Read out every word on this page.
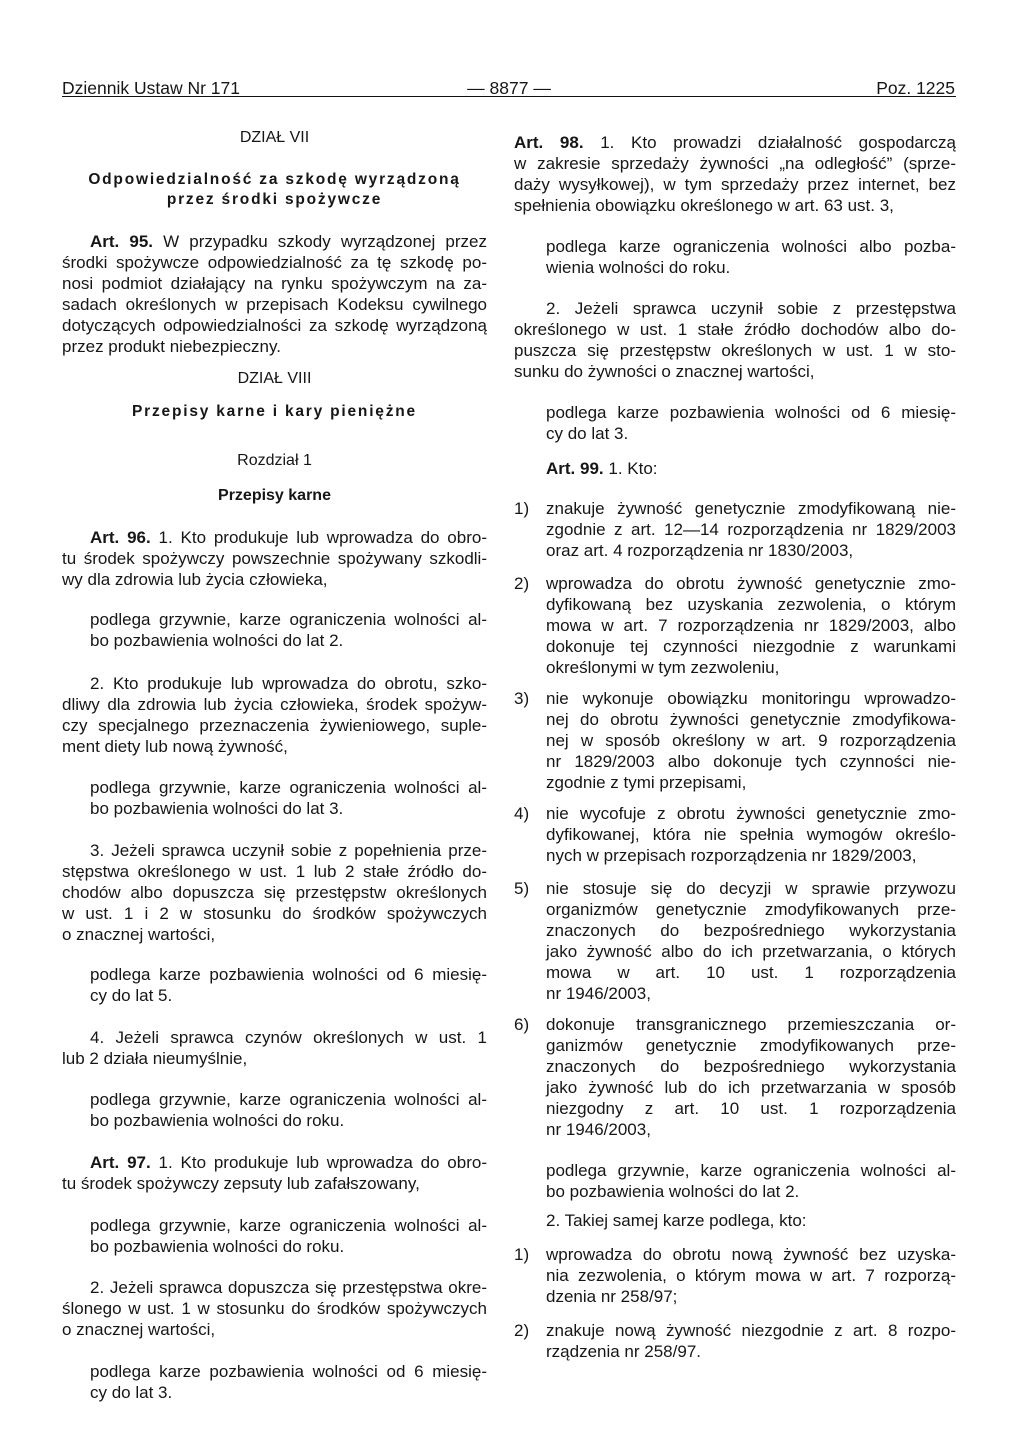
Dziennik Ustaw Nr 171	— 8877 —	Poz. 1225
DZIAŁ VII
Odpowiedzialność za szkodę wyrządzoną
przez środki spożywcze
Art. 95. W przypadku szkody wyrządzonej przez
środki spożywcze odpowiedzialność za tę szkodę po-
nosi podmiot działający na rynku spożywczym na za-
sadach określonych w przepisach Kodeksu cywilnego
dotyczących odpowiedzialności za szkodę wyrządzoną
przez produkt niebezpieczny.
DZIAŁ VIII
Przepisy karne i kary pieniężne
Rozdział 1
Przepisy karne
Art. 96. 1. Kto produkuje lub wprowadza do obro-
tu środek spożywczy powszechnie spożywany szkodli-
wy dla zdrowia lub życia człowieka,
podlega grzywnie, karze ograniczenia wolności al-
bo pozbawienia wolności do lat 2.
2. Kto produkuje lub wprowadza do obrotu, szko-
dliwy dla zdrowia lub życia człowieka, środek spożyw-
czy specjalnego przeznaczenia żywieniowego, suple-
ment diety lub nową żywność,
podlega grzywnie, karze ograniczenia wolności al-
bo pozbawienia wolności do lat 3.
3. Jeżeli sprawca uczynił sobie z popełnienia prze-
stępstwa określonego w ust. 1 lub 2 stałe źródło do-
chodów albo dopuszcza się przestępstw określonych
w ust. 1 i 2 w stosunku do środków spożywczych
o znacznej wartości,
podlega karze pozbawienia wolności od 6 miesię-
cy do lat 5.
4. Jeżeli sprawca czynów określonych w ust. 1
lub 2 działa nieumyślnie,
podlega grzywnie, karze ograniczenia wolności al-
bo pozbawienia wolności do roku.
Art. 97. 1. Kto produkuje lub wprowadza do obro-
tu środek spożywczy zepsuty lub zafałszowany,
podlega grzywnie, karze ograniczenia wolności al-
bo pozbawienia wolności do roku.
2. Jeżeli sprawca dopuszcza się przestępstwa okre-
ślonego w ust. 1 w stosunku do środków spożywczych
o znacznej wartości,
podlega karze pozbawienia wolności od 6 miesię-
cy do lat 3.
Art. 98. 1. Kto prowadzi działalność gospodarczą
w zakresie sprzedaży żywności „na odległość” (sprze-
daży wysyłkowej), w tym sprzedaży przez internet, bez
spełnienia obowiązku określonego w art. 63 ust. 3,
podlega karze ograniczenia wolności albo pozba-
wienia wolności do roku.
2. Jeżeli sprawca uczynił sobie z przestępstwa
określonego w ust. 1 stałe źródło dochodów albo do-
puszcza się przestępstw określonych w ust. 1 w sto-
sunku do żywności o znacznej wartości,
podlega karze pozbawienia wolności od 6 miesię-
cy do lat 3.
Art. 99. 1. Kto:
1) znakuje żywność genetycznie zmodyfikowaną nie-
zgodnie z art. 12—14 rozporządzenia nr 1829/2003
oraz art. 4 rozporządzenia nr 1830/2003,
2) wprowadza do obrotu żywność genetycznie zmo-
dyfikowaną bez uzyskania zezwolenia, o którym
mowa w art. 7 rozporządzenia nr 1829/2003, albo
dokonuje tej czynności niezgodnie z warunkami
określonymi w tym zezwoleniu,
3) nie wykonuje obowiązku monitoringu wprowadzo-
nej do obrotu żywności genetycznie zmodyfikowa-
nej w sposób określony w art. 9 rozporządzenia
nr 1829/2003 albo dokonuje tych czynności nie-
zgodnie z tymi przepisami,
4) nie wycofuje z obrotu żywności genetycznie zmo-
dyfikowanej, która nie spełnia wymogów określo-
nych w przepisach rozporządzenia nr 1829/2003,
5) nie stosuje się do decyzji w sprawie przywozu
organizmów genetycznie zmodyfikowanych prze-
znaczonych do bezpośredniego wykorzystania
jako żywność albo do ich przetwarzania, o których
mowa w art. 10 ust. 1 rozporządzenia
nr 1946/2003,
6) dokonuje transgranicznego przemieszczania or-
ganizmów genetycznie zmodyfikowanych prze-
znaczonych do bezpośredniego wykorzystania
jako żywność lub do ich przetwarzania w sposób
niezgodny z art. 10 ust. 1 rozporządzenia
nr 1946/2003,
podlega grzywnie, karze ograniczenia wolności al-
bo pozbawienia wolności do lat 2.
2. Takiej samej karze podlega, kto:
1) wprowadza do obrotu nową żywność bez uzyska-
nia zezwolenia, o którym mowa w art. 7 rozporzą-
dzenia nr 258/97;
2) znakuje nową żywność niezgodnie z art. 8 rozpo-
rządzenia nr 258/97.
